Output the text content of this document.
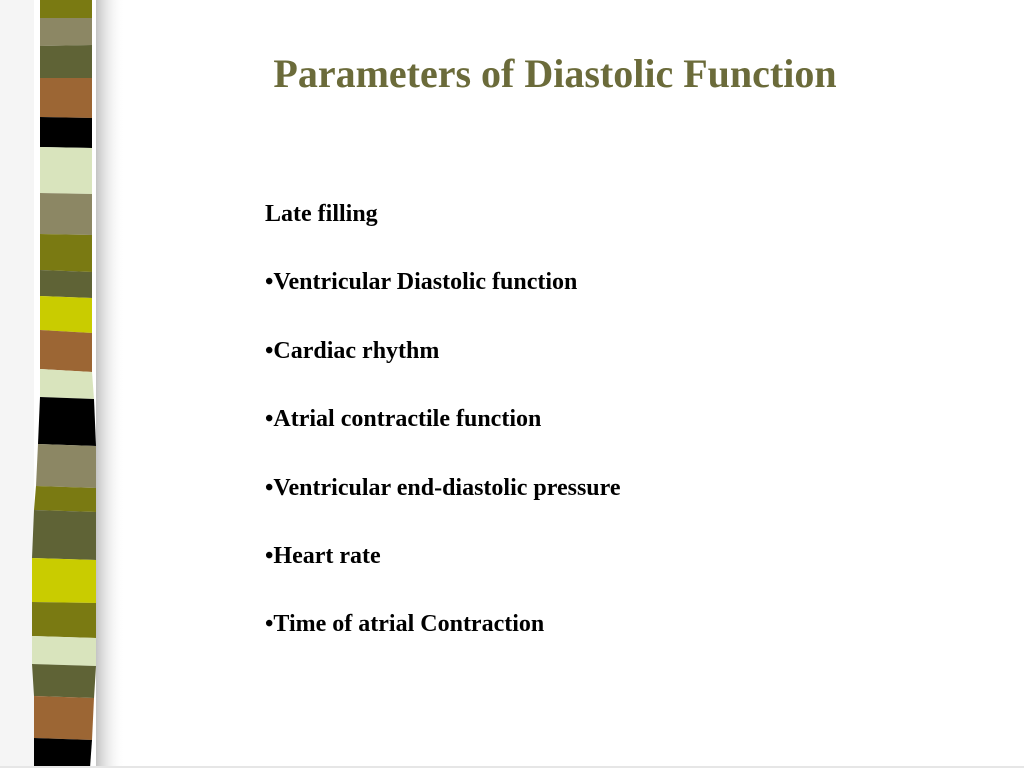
Parameters of Diastolic Function
Late filling
•Ventricular Diastolic function
•Cardiac rhythm
•Atrial contractile function
•Ventricular end-diastolic pressure
•Heart rate
•Time of atrial Contraction
